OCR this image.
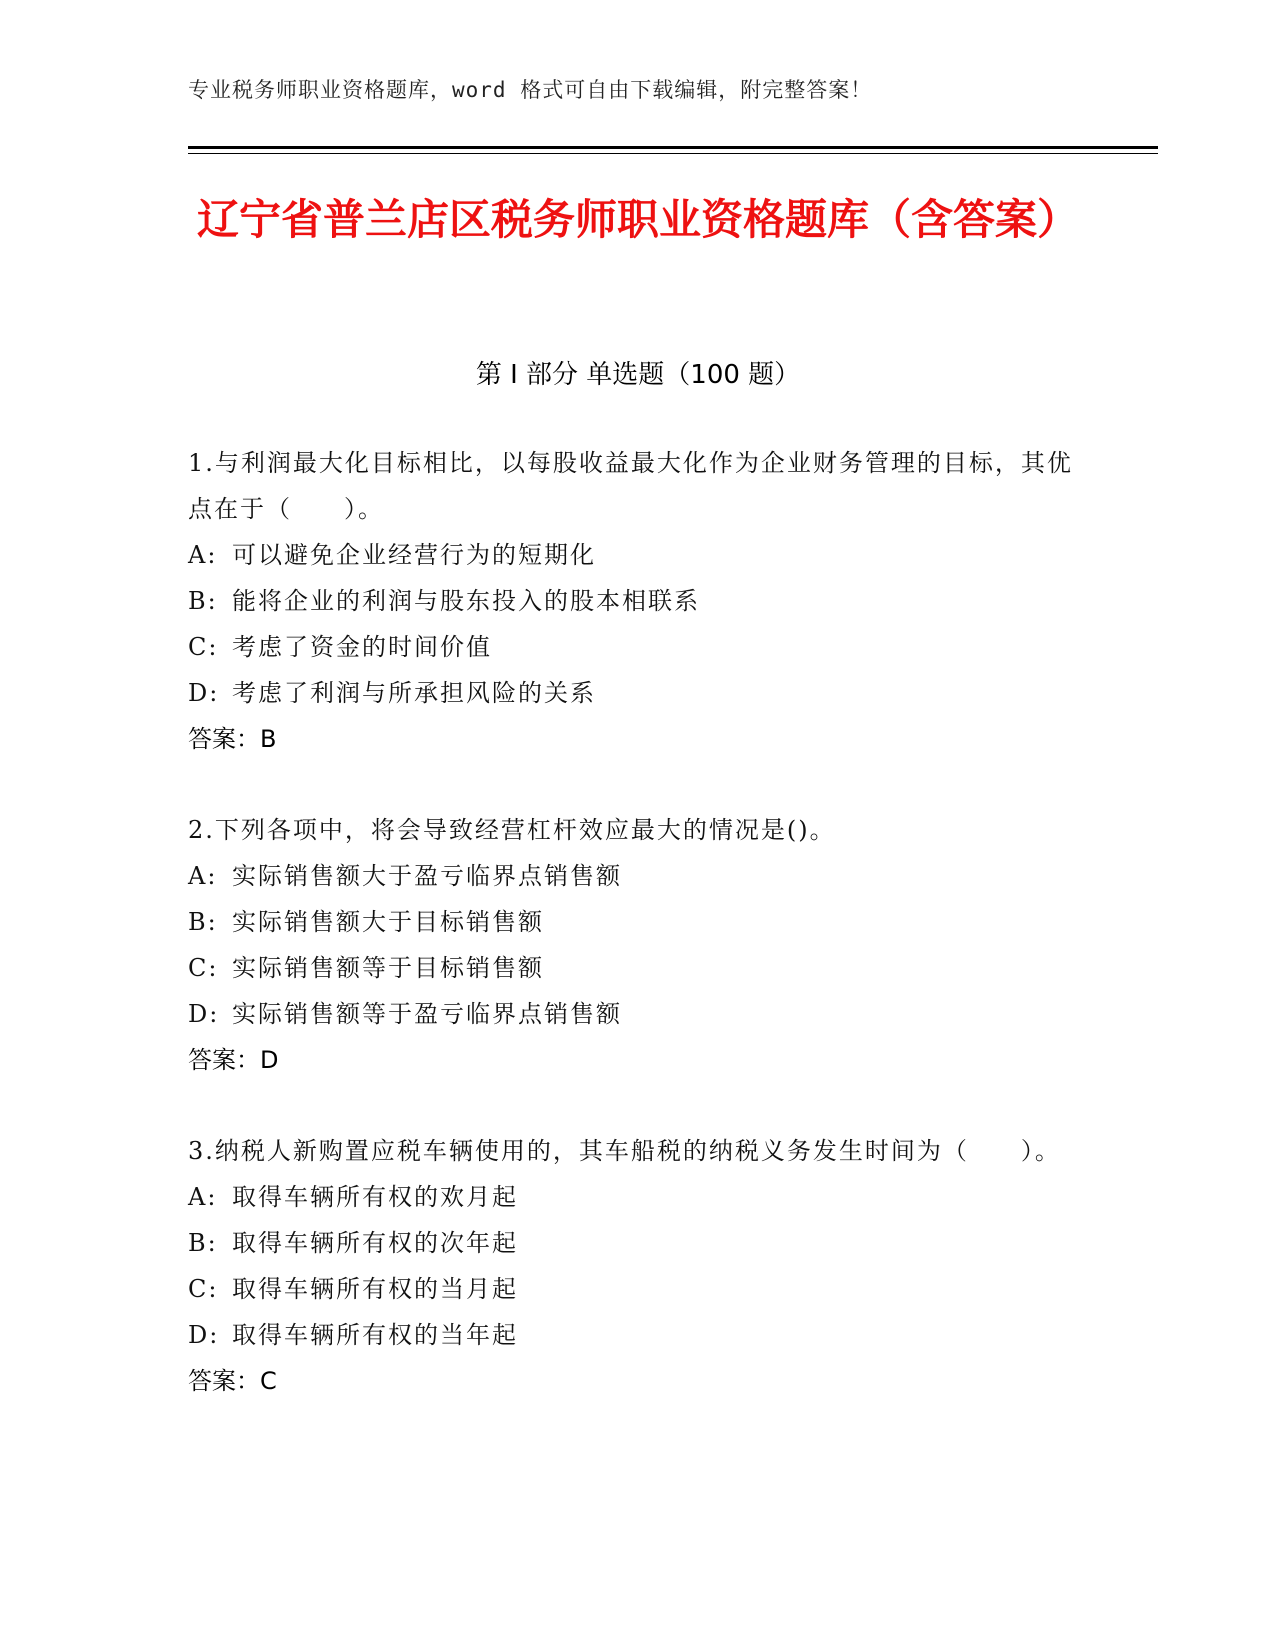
专业税务师职业资格题库，word 格式可自由下载编辑，附完整答案！
辽宁省普兰店区税务师职业资格题库（含答案）
第 I 部分 单选题（100 题）
1.与利润最大化目标相比，以每股收益最大化作为企业财务管理的目标，其优点在于（　　）。
A: 可以避免企业经营行为的短期化
B: 能将企业的利润与股东投入的股本相联系
C: 考虑了资金的时间价值
D: 考虑了利润与所承担风险的关系
答案：B
2.下列各项中，将会导致经营杠杆效应最大的情况是()。
A: 实际销售额大于盈亏临界点销售额
B: 实际销售额大于目标销售额
C: 实际销售额等于目标销售额
D: 实际销售额等于盈亏临界点销售额
答案：D
3.纳税人新购置应税车辆使用的，其车船税的纳税义务发生时间为（　　）。
A: 取得车辆所有权的欢月起
B: 取得车辆所有权的次年起
C: 取得车辆所有权的当月起
D: 取得车辆所有权的当年起
答案：C
